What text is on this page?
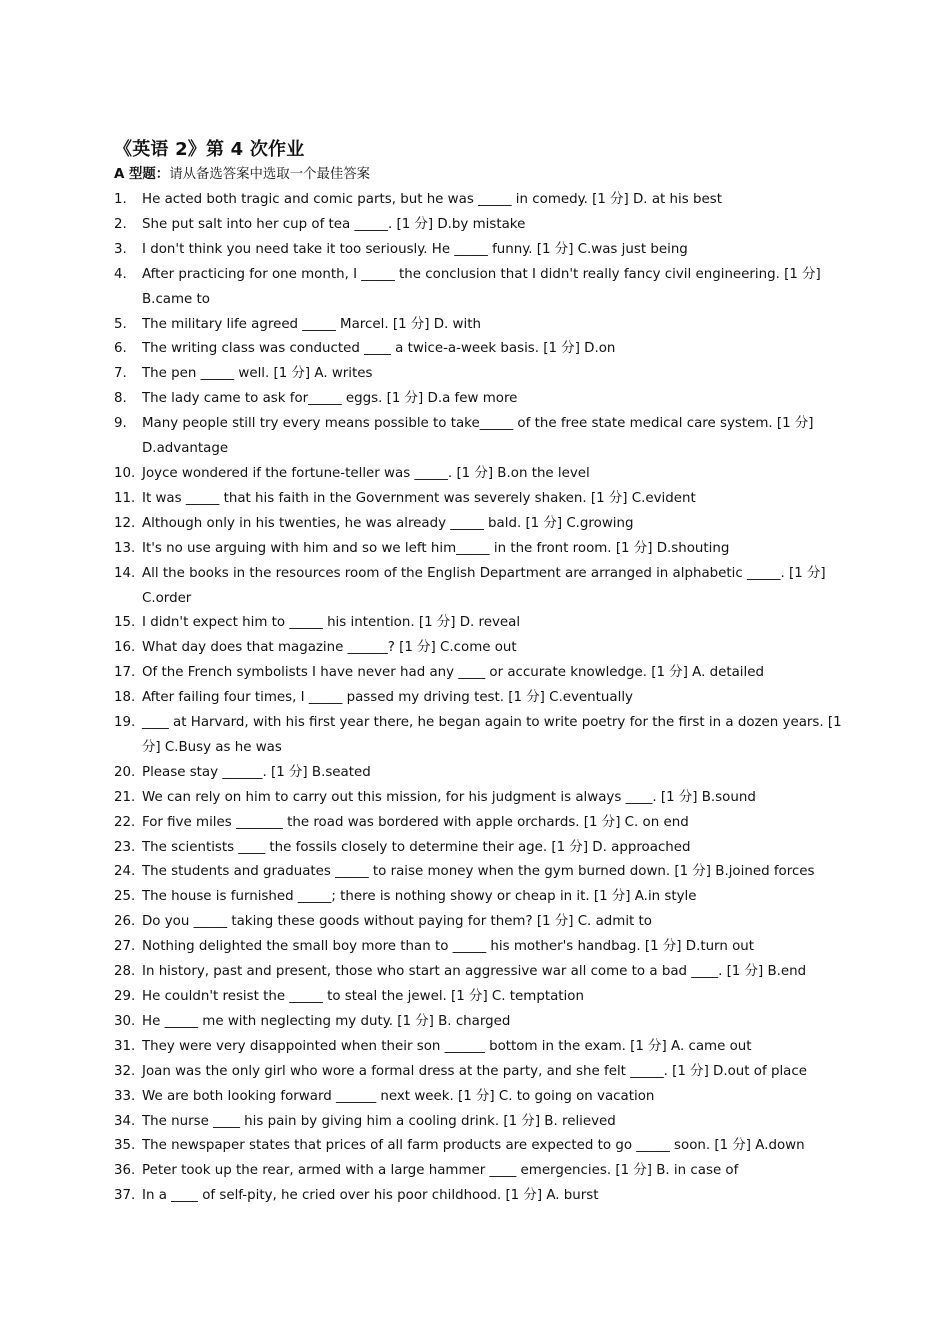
《英语 2》第 4 次作业
A 型题：请从备选答案中选取一个最佳答案
1. He acted both tragic and comic parts, but he was _____ in comedy. [1 分] D. at his best
2. She put salt into her cup of tea _____. [1 分] D.by mistake
3. I don't think you need take it too seriously. He _____ funny. [1 分] C.was just being
4. After practicing for one month, I _____ the conclusion that I didn't really fancy civil engineering. [1 分] B.came to
5. The military life agreed _____ Marcel. [1 分] D. with
6. The writing class was conducted ____ a twice-a-week basis. [1 分] D.on
7. The pen _____ well. [1 分] A. writes
8. The lady came to ask for_____ eggs. [1 分] D.a few more
9. Many people still try every means possible to take_____ of the free state medical care system. [1 分] D.advantage
10. Joyce wondered if the fortune-teller was _____. [1 分] B.on the level
11. It was _____ that his faith in the Government was severely shaken. [1 分] C.evident
12. Although only in his twenties, he was already _____ bald. [1 分] C.growing
13. It's no use arguing with him and so we left him_____ in the front room. [1 分] D.shouting
14. All the books in the resources room of the English Department are arranged in alphabetic _____. [1 分] C.order
15. I didn't expect him to _____ his intention. [1 分] D. reveal
16. What day does that magazine ______? [1 分] C.come out
17. Of the French symbolists I have never had any ____ or accurate knowledge. [1 分] A. detailed
18. After failing four times, I _____ passed my driving test. [1 分] C.eventually
19. ____ at Harvard, with his first year there, he began again to write poetry for the first in a dozen years. [1 分] C.Busy as he was
20. Please stay ______. [1 分] B.seated
21. We can rely on him to carry out this mission, for his judgment is always ____. [1 分] B.sound
22. For five miles _______ the road was bordered with apple orchards. [1 分] C. on end
23. The scientists ____ the fossils closely to determine their age. [1 分] D. approached
24. The students and graduates _____ to raise money when the gym burned down. [1 分] B.joined forces
25. The house is furnished _____; there is nothing showy or cheap in it. [1 分] A.in style
26. Do you _____ taking these goods without paying for them? [1 分] C. admit to
27. Nothing delighted the small boy more than to _____ his mother's handbag. [1 分] D.turn out
28. In history, past and present, those who start an aggressive war all come to a bad ____. [1 分] B.end
29. He couldn't resist the _____ to steal the jewel. [1 分] C. temptation
30. He _____ me with neglecting my duty. [1 分] B. charged
31. They were very disappointed when their son ______ bottom in the exam. [1 分] A. came out
32. Joan was the only girl who wore a formal dress at the party, and she felt _____. [1 分] D.out of place
33. We are both looking forward ______ next week. [1 分] C. to going on vacation
34. The nurse ____ his pain by giving him a cooling drink. [1 分] B. relieved
35. The newspaper states that prices of all farm products are expected to go _____ soon. [1 分] A.down
36. Peter took up the rear, armed with a large hammer ____ emergencies. [1 分] B. in case of
37. In a ____ of self-pity, he cried over his poor childhood. [1 分] A. burst
